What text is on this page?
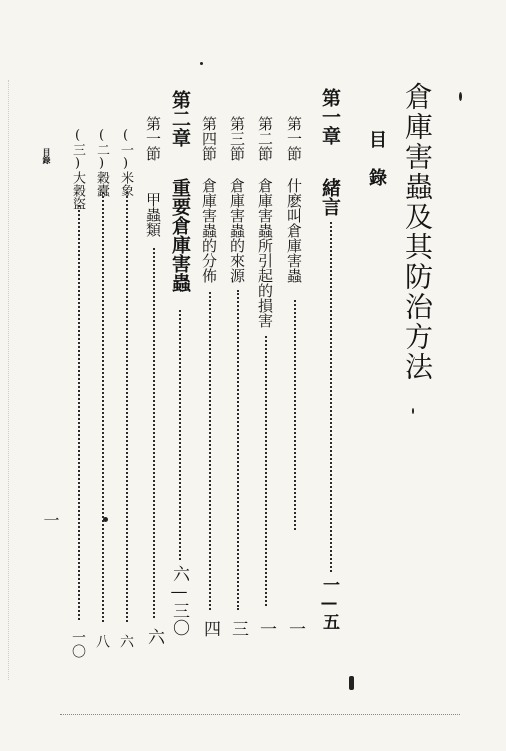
倉庫害蟲及其防治方法
目錄
第一章
緒言
一—五
第一節
什麽叫倉庫害蟲
一
第二節
倉庫害蟲所引起的損害
一
第三節
倉庫害蟲的來源
三
第四節
倉庫害蟲的分佈
四
第二章
重要倉庫害蟲
六—三〇
第一節
甲蟲類
六
(一)米象
六
(二)穀蠹
八
(三)大穀盜
一〇
目錄
一
